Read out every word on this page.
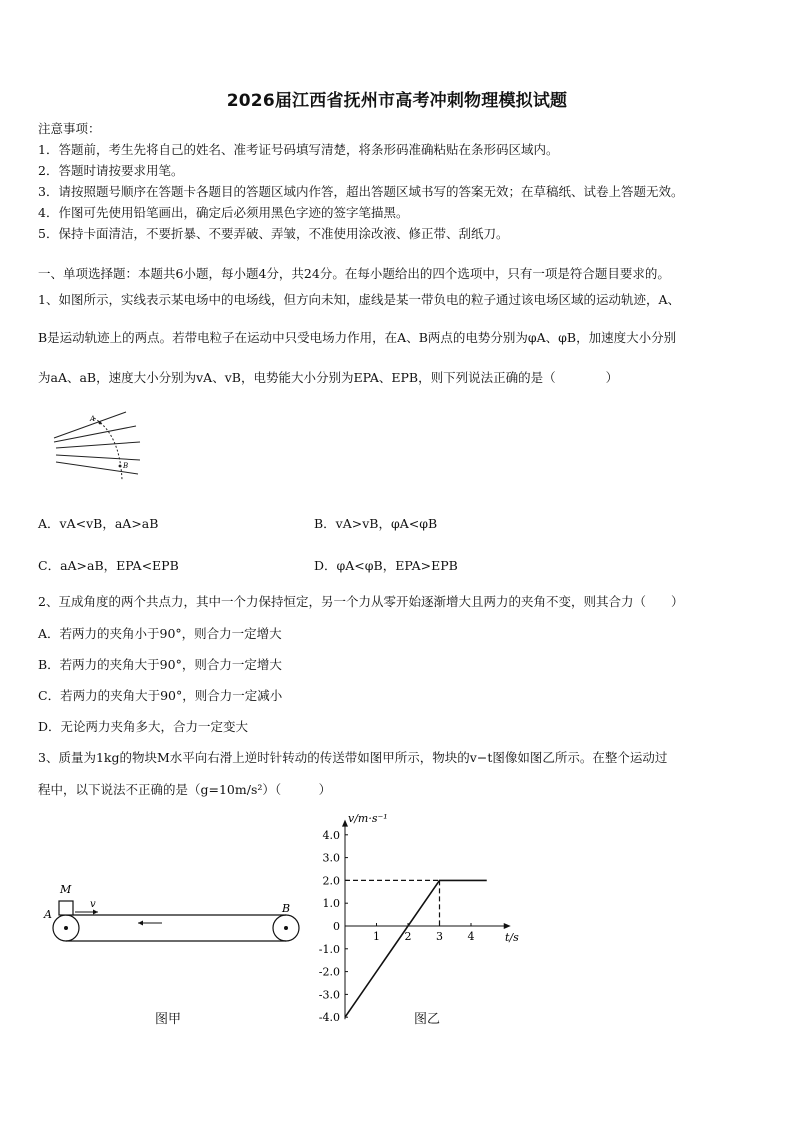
2026届江西省抚州市高考冲刺物理模拟试题
注意事项：
1．答题前，考生先将自己的姓名、准考证号码填写清楚，将条形码准确粘贴在条形码区域内。
2．答题时请按要求用笔。
3．请按照题号顺序在答题卡各题目的答题区域内作答，超出答题区域书写的答案无效；在草稿纸、试卷上答题无效。
4．作图可先使用铅笔画出，确定后必须用黑色字迹的签字笔描黑。
5．保持卡面清洁，不要折暴、不要弄破、弄皱，不准使用涂改液、修正带、刮纸刀。
一、单项选择题：本题共6小题，每小题4分，共24分。在每小题给出的四个选项中，只有一项是符合题目要求的。
1、如图所示，实线表示某电场中的电场线，但方向未知，虚线是某一带负电的粒子通过该电场区域的运动轨迹，A、
B是运动轨迹上的两点。若带电粒子在运动中只受电场力作用，在A、B两点的电势分别为φA、φB，加速度大小分别
为aA、aB，速度大小分别为vA、vB，电势能大小分别为EPA、EPB，则下列说法正确的是（　　　　）
A
B
A．vA<vB，aA>aB	B．vA>vB，φA<φB
C．aA>aB，EPA<EPB	D．φA<φB，EPA>EPB
2、互成角度的两个共点力，其中一个力保持恒定，另一个力从零开始逐渐增大且两力的夹角不变，则其合力（　　）
A．若两力的夹角小于90°，则合力一定增大
B．若两力的夹角大于90°，则合力一定增大
C．若两力的夹角大于90°，则合力一定减小
D．无论两力夹角多大，合力一定变大
3、质量为1kg的物块M水平向右滑上逆时针转动的传送带如图甲所示，物块的v−t图像如图乙所示。在整个运动过
程中，以下说法不正确的是（g=10m/s²）（　　　）
M
v
A	B
4.0
3.0
2.0
1.0
0
-1.0
-2.0
-3.0
-4.0
1 2 3 4
v/m·s⁻¹
t/s
图甲	图乙
